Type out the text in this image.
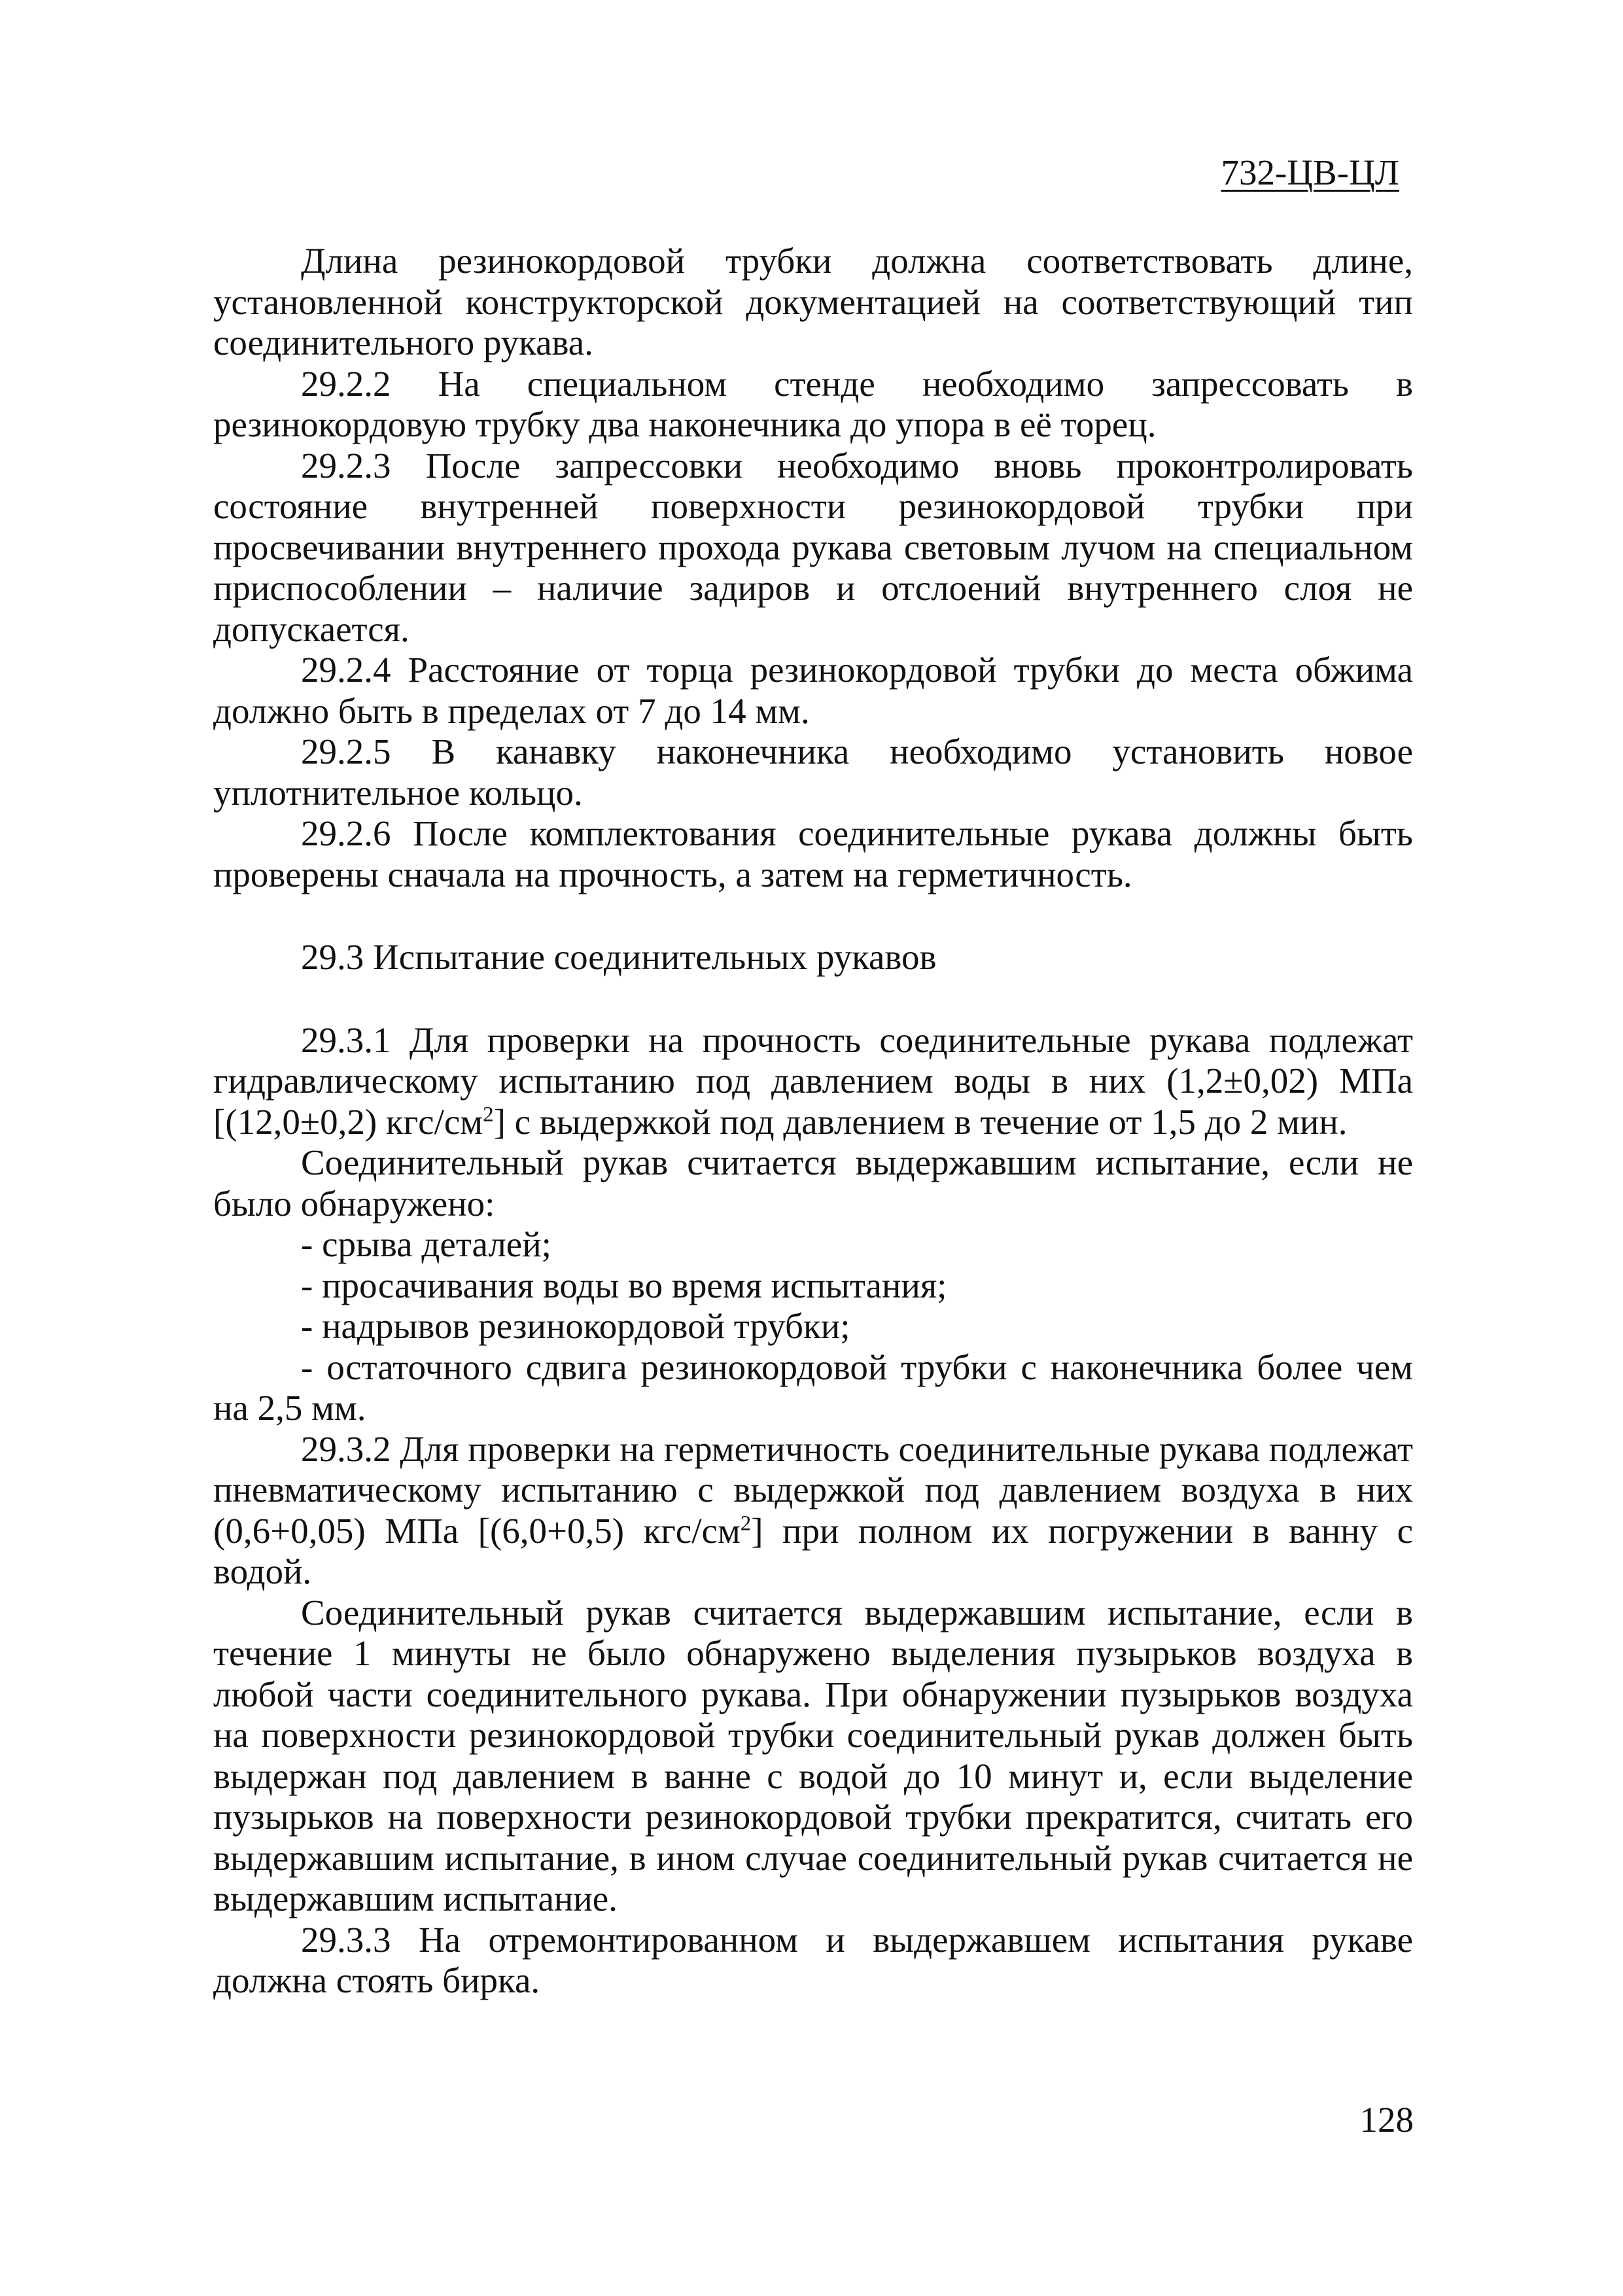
732-ЦВ-ЦЛ

Длина резинокордовой трубки должна соответствовать длине, установленной конструкторской документацией на соответствующий тип соединительного рукава.

29.2.2 На специальном стенде необходимо запрессовать в резинокордовую трубку два наконечника до упора в её торец.

29.2.3 После запрессовки необходимо вновь проконтролировать состояние внутренней поверхности резинокордовой трубки при просвечивании внутреннего прохода рукава световым лучом на специальном приспособлении – наличие задиров и отслоений внутреннего слоя не допускается.

29.2.4 Расстояние от торца резинокордовой трубки до места обжима должно быть в пределах от 7 до 14 мм.

29.2.5 В канавку наконечника необходимо установить новое уплотнительное кольцо.

29.2.6 После комплектования соединительные рукава должны быть проверены сначала на прочность, а затем на герметичность.

29.3 Испытание соединительных рукавов

29.3.1 Для проверки на прочность соединительные рукава подлежат гидравлическому испытанию под давлением воды в них (1,2±0,02) МПа [(12,0±0,2) кгс/$см^2$] с выдержкой под давлением в течение от 1,5 до 2 мин.

Соединительный рукав считается выдержавшим испытание, если не было обнаружено:

- срыва деталей;

- просачивания воды во время испытания;

- надрывов резинокордовой трубки;

- остаточного сдвига резинокордовой трубки с наконечника более чем на 2,5 мм.

29.3.2 Для проверки на герметичность соединительные рукава подлежат пневматическому испытанию с выдержкой под давлением воздуха в них (0,6+0,05) МПа [(6,0+0,5) кгс/$см^2$] при полном их погружении в ванну с водой.

Соединительный рукав считается выдержавшим испытание, если в течение 1 минуты не было обнаружено выделения пузырьков воздуха в любой части соединительного рукава. При обнаружении пузырьков воздуха на поверхности резинокордовой трубки соединительный рукав должен быть выдержан под давлением в ванне с водой до 10 минут и, если выделение пузырьков на поверхности резинокордовой трубки прекратится, считать его выдержавшим испытание, в ином случае соединительный рукав считается не выдержавшим испытание.

29.3.3 На отремонтированном и выдержавшем испытания рукаве должна стоять бирка.

128
